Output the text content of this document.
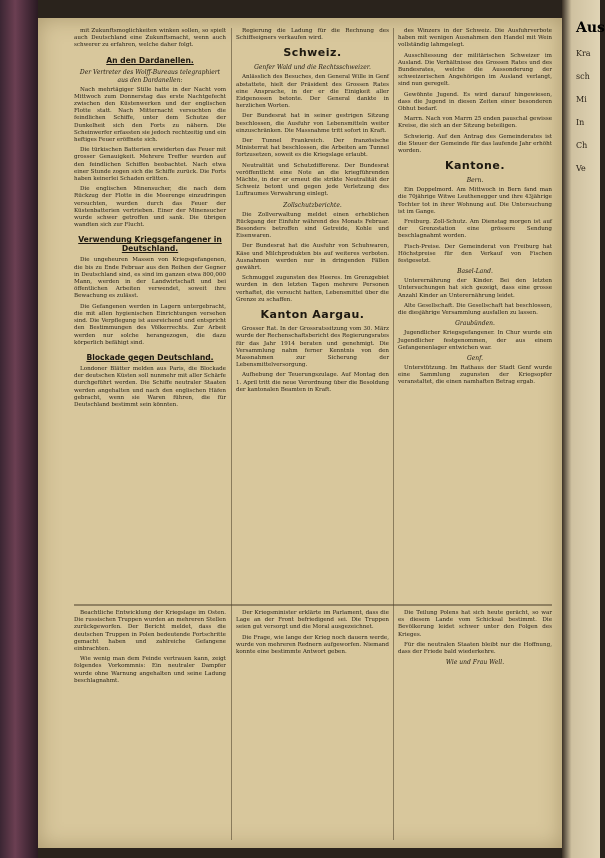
mit Zukunftsmoglichkeiten winken sollen, so spielt auch Deutschland eine Zukunftsmacht, wenn auch schwerer zu erfahren, welche daher folgt.

An den Dardanellen.
Der Vertreter des Wolff-Bureaus telegraphiert aus den Dardanellen:

Nach mehrtägiger Stille hatte in der Nacht vom Mittwoch zum Donnerstag das erste Nachtgefecht zwischen den Küstenwerken und der englischen Flotte statt. Nach Mitternacht versuchten die feindlichen Schiffe, unter dem Schutze der Dunkelheit sich den Forts zu nähern. Die Scheinwerfer erfassten sie jedoch rechtzeitig und ein heftiges Feuer eröffnete sich.

Die türkischen Batterien erwiderten das Feuer mit grosser Genauigkeit. Mehrere Treffer wurden auf den feindlichen Schiffen beobachtet. Nach etwa einer Stunde zogen sich die Schiffe zurück. Die Forts haben keinerlei Schaden erlitten.

Die englischen Minensucher, die nach dem Rückzug der Flotte in die Meerenge einzudringen versuchten, wurden durch das Feuer der Küstenbatterien vertrieben. Einer der Minensucher wurde schwer getroffen und sank. Die übrigen wandten sich zur Flucht.

Verwendung Kriegsgefangener in Deutschland.

Die ungeheuren Massen von Kriegsgefangenen, die bis zu Ende Februar aus den Reihen der Gegner in Deutschland sind, es sind im ganzen etwa 800,000 Mann, werden in der Landwirtschaft und bei öffentlichen Arbeiten verwendet, soweit ihre Bewachung es zulässt.

Die Gefangenen werden in Lagern untergebracht, die mit allen hygienischen Einrichtungen versehen sind. Die Verpflegung ist ausreichend und entspricht den Bestimmungen des Völkerrechts. Zur Arbeit werden nur solche herangezogen, die dazu körperlich befähigt sind.

Blockade gegen Deutschland.

Londoner Blätter melden aus Paris, die Blockade der deutschen Küsten soll nunmehr mit aller Schärfe durchgeführt werden. Die Schiffe neutraler Staaten werden angehalten und nach den englischen Häfen gebracht, wenn sie Waren führen, die für Deutschland bestimmt sein könnten.

Regierung die Ladung für die Rechnung des Schiffseigners verkaufen wird.

Schweiz.
Genfer Wald und die Rechtsschweizer.

Anlässlich des Besuches, den General Wille in Genf abstattete, hielt der Präsident des Grossen Rates eine Ansprache, in der er die Einigkeit aller Eidgenossen betonte. Der General dankte in herzlichen Worten.

Der Bundesrat hat in seiner gestrigen Sitzung beschlossen, die Ausfuhr von Lebensmitteln weiter einzuschränken. Die Massnahme tritt sofort in Kraft.

Der Tunnel Frankreich. Der französische Ministerrat hat beschlossen, die Arbeiten am Tunnel fortzusetzen, soweit es die Kriegslage erlaubt.

Neutralität und Schutzdifferenz. Der Bundesrat veröffentlicht eine Note an die kriegführenden Mächte, in der er erneut die strikte Neutralität der Schweiz betont und gegen jede Verletzung des Luftraumes Verwahrung einlegt.

Zollschutzberichte.

Die Zollverwaltung meldet einen erheblichen Rückgang der Einfuhr während des Monats Februar. Besonders betroffen sind Getreide, Kohle und Eisenwaren.

Der Bundesrat hat die Ausfuhr von Schuhwaren, Käse und Milchprodukten bis auf weiteres verboten. Ausnahmen werden nur in dringenden Fällen gewährt.

Schmuggel zugunsten des Heeres. Im Grenzgebiet wurden in den letzten Tagen mehrere Personen verhaftet, die versucht hatten, Lebensmittel über die Grenze zu schaffen.

Kanton Aargau.

Grosser Rat. In der Grossratssitzung vom 30. März wurde der Rechenschaftsbericht des Regierungsrates für das Jahr 1914 beraten und genehmigt. Die Versammlung nahm ferner Kenntnis von den Massnahmen zur Sicherung der Lebensmittelversorgung.

Aufhebung der Teuerungszulage. Auf Montag den 1. April tritt die neue Verordnung über die Besoldung der kantonalen Beamten in Kraft.

des Winzers in der Schweiz. Die Ausfuhrverbote haben mit wenigen Ausnahmen den Handel mit Wein vollständig lahmgelegt.

Ausschliessung der militärischen Schweizer im Ausland. Die Verhältnisse des Grossen Rates und des Bundesrates, welche die Aussonderung der schweizerischen Angehörigen im Ausland verlangt, sind nun geregelt.

Gewöhnte Jugend. Es wird darauf hingewiesen, dass die Jugend in diesen Zeiten einer besonderen Obhut bedarf.

Marrn. Nach von Marrn 25 enden pauschal gewisse Kreise, die sich an der Sitzung beteiligen.

Schwierig. Auf den Antrag des Gemeinderates ist die Steuer der Gemeinde für das laufende Jahr erhöht worden.

Kantone.
Bern.

Ein Doppelmord. Am Mittwoch in Bern fand man die 70jährige Witwe Leuthenegger und ihre 43jährige Tochter tot in ihrer Wohnung auf. Die Untersuchung ist im Gange.

Freiburg. Zoll-Schutz. Am Dienstag morgen ist auf der Grenzstation eine grössere Sendung beschlagnahmt worden.

Fisch-Preise. Der Gemeinderat von Freiburg hat Höchstpreise für den Verkauf von Fischen festgesetzt.

Basel-Land.

Unterernährung der Kinder. Bei den letzten Untersuchungen hat sich gezeigt, dass eine grosse Anzahl Kinder an Unterernährung leidet.

Alte Gesellschaft. Die Gesellschaft hat beschlossen, die diesjährige Versammlung ausfallen zu lassen.

Graubünden.

Jugendlicher Kriegsgefangener. In Chur wurde ein Jugendlicher festgenommen, der aus einem Gefangenenlager entwichen war.

Genf.

Unterstützung. Im Rathaus der Stadt Genf wurde eine Sammlung zugunsten der Kriegsopfer veranstaltet, die einen namhaften Betrag ergab.

Beachtliche Entwicklung der Kriegslage im Osten. Die russischen Truppen wurden an mehreren Stellen zurückgeworfen. Der Bericht meldet, dass die deutschen Truppen in Polen bedeutende Fortschritte gemacht haben und zahlreiche Gefangene einbrachten.

Wie wenig man dem Feinde vertrauen kann, zeigt folgendes Vorkommnis: Ein neutraler Dampfer wurde ohne Warnung angehalten und seine Ladung beschlagnahmt.

Der Kriegsminister erklärte im Parlament, dass die Lage an der Front befriedigend sei. Die Truppen seien gut versorgt und die Moral ausgezeichnet.

Die Frage, wie lange der Krieg noch dauern werde, wurde von mehreren Rednern aufgeworfen. Niemand konnte eine bestimmte Antwort geben.

Die Teilung Polens hat sich heute gerächt, so war es diesem Lande vom Schicksal bestimmt. Die Bevölkerung leidet schwer unter den Folgen des Krieges.

Für die neutralen Staaten bleibt nur die Hoffnung, dass der Friede bald wiederkehre.

Wie und Frau Well.
Aus
Kra
sch
Mi
In
Ch
Ve
